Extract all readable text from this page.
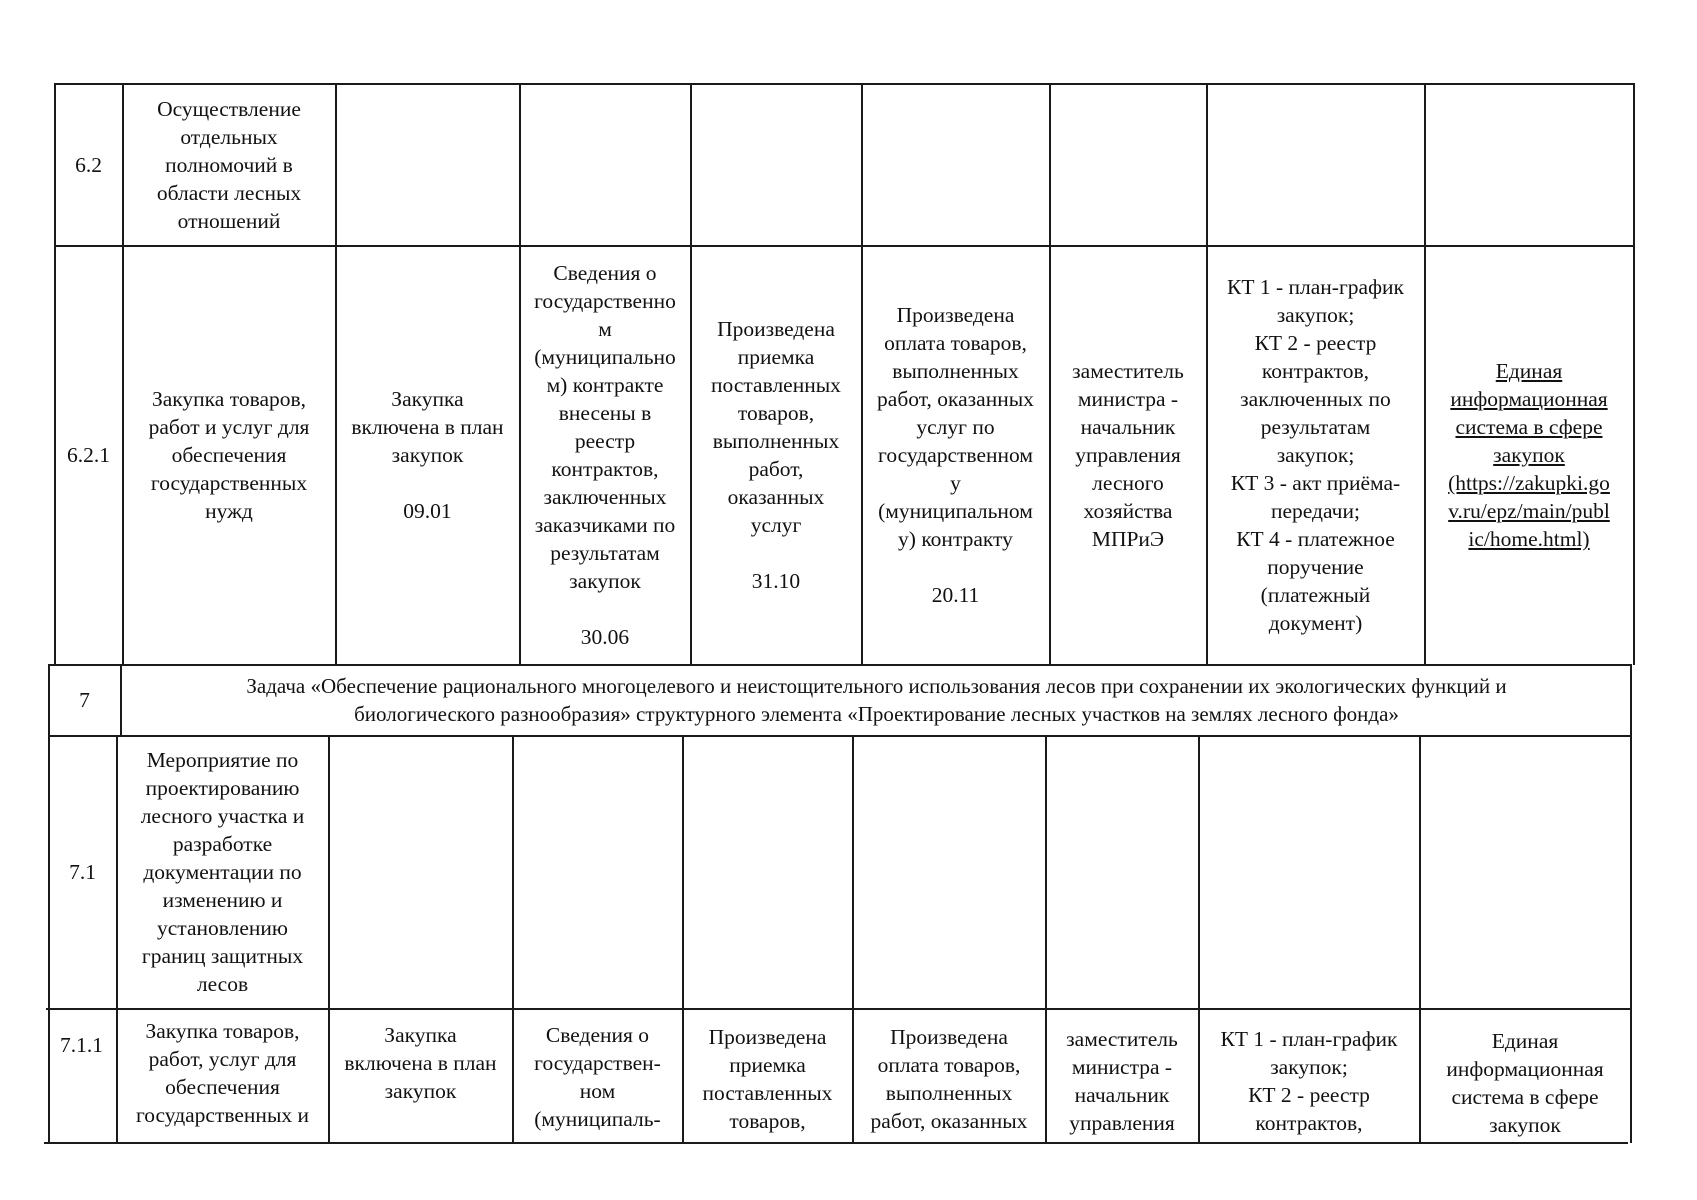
6.2
Осуществление
отдельных
полномочий в
области лесных
отношений
6.2.1
Закупка товаров,
работ и услуг для
обеспечения
государственных
нужд
Закупка
включена в план
закупок

09.01
Сведения о
государственно
м
(муниципально
м) контракте
внесены в
реестр
контрактов,
заключенных
заказчиками по
результатам
закупок

30.06
Произведена
приемка
поставленных
товаров,
выполненных
работ,
оказанных
услуг

31.10
Произведена
оплата товаров,
выполненных
работ, оказанных
услуг по
государственном
у
(муниципальном
у) контракту

20.11
заместитель
министра -
начальник
управления
лесного
хозяйства
МПРиЭ
КТ 1 - план-график
закупок;
КТ 2 - реестр
контрактов,
заключенных по
результатам
закупок;
КТ 3 - акт приёма-
передачи;
КТ 4 - платежное
поручение
(платежный
документ)
Единая
информационная
система в сфере
закупок
(https://zakupki.go
v.ru/epz/main/publ
ic/home.html)
7
Задача «Обеспечение рационального многоцелевого и неистощительного использования лесов при сохранении их экологических функций и
биологического разнообразия» структурного элемента «Проектирование лесных участков на землях лесного фонда»
7.1
Мероприятие по
проектированию
лесного участка и
разработке
документации по
изменению и
установлению
границ защитных
лесов
7.1.1
Закупка товаров,
работ, услуг для
обеспечения
государственных и
Закупка
включена в план
закупок
Сведения о
государствен-
ном
(муниципаль-
Произведена
приемка
поставленных
товаров,
Произведена
оплата товаров,
выполненных
работ, оказанных
заместитель
министра -
начальник
управления
КТ 1 - план-график
закупок;
КТ 2 - реестр
контрактов,
Единая
информационная
система в сфере
закупок
